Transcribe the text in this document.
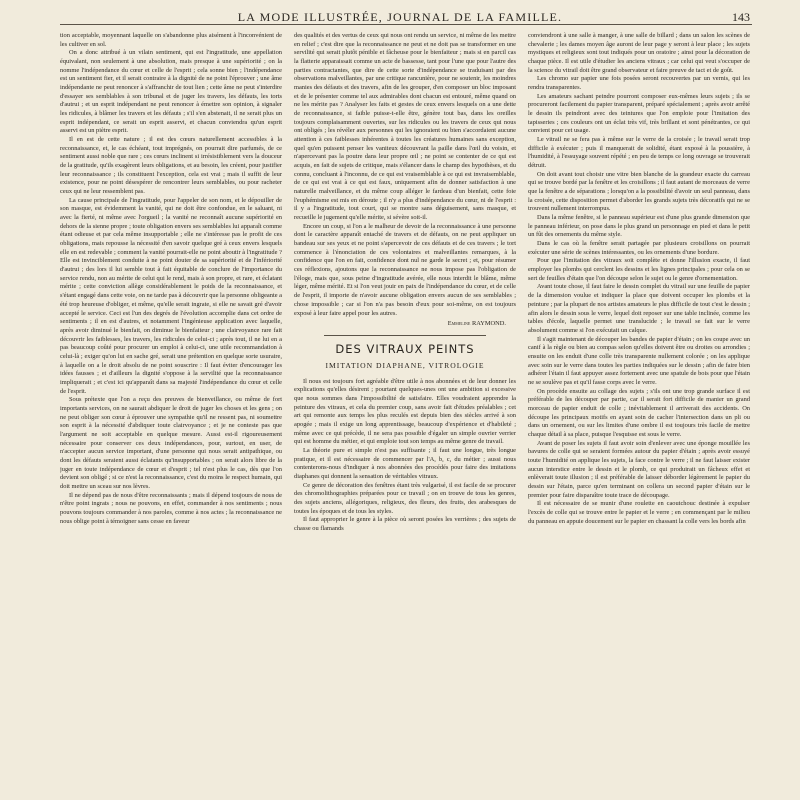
LA MODE ILLUSTRÉE, JOURNAL DE LA FAMILLE.	143

tion acceptable, moyennant laquelle on s'abandonne plus aisément à l'inconvénient de les cultiver en sol.

On a donc attribué à un vilain sentiment, qui est l'ingratitude, une appellation équivalant, non seulement à une absolution, mais presque à une supériorité ; on la nomme l'indépendance du cœur et celle de l'esprit ; cela sonne bien ; l'indépendance est un sentiment fier, et il serait contraire à la dignité de ne point l'éprouver ; une âme indépendante ne peut renoncer à s'affranchir de tout lien ; cette âme ne peut s'interdire d'essayer ses semblables à son tribunal et de juger les travers, les défauts, les torts d'autrui ; et un esprit indépendant ne peut renoncer à émettre son opinion, à signaler les ridicules, à blâmer les travers et les défauts ; s'il s'en abstenait, il ne serait plus un esprit indépendant, ce serait un esprit asservi, et chacun conviendra qu'un esprit asservi est un piètre esprit.

Il en est de cette nature ; il est des cœurs naturellement accessibles à la reconnaissance, et, le cas échéant, tout imprégnés, on pourrait dire parfumés, de ce sentiment aussi noble que rare ; ces cœurs inclinent si irrésistiblement vers la douceur de la gratitude, qu'ils exagèrent leurs obligations, et au besoin, les créent, pour justifier leur reconnaissance ; ils constituent l'exception, cela est vrai ; mais il suffit de leur existence, pour ne point désespérer de rencontrer leurs semblables, ou pour racheter ceux qui ne leur ressemblent pas.

La cause principale de l'ingratitude, pour l'appeler de son nom, et le dépouiller de son masque, est évidemment la vanité, qui ne doit être confondue, en le saluant, ni avec la fierté, ni même avec l'orgueil ; la vanité ne reconnaît aucune supériorité en dehors de la sienne propre ; toute obligation envers ses semblables lui apparaît comme étant odieuse et par cela même insupportable ; elle ne s'intéresse pas le profit de ces obligations, mais repousse la nécessité d'en savoir quelque gré à ceux envers lesquels elle en est redevable ; comment la vanité pourrait-elle ne point aboutir à l'ingratitude ? Elle est invinciblement conduite à ne point douter de sa supériorité et de l'infériorité d'autrui ; des lors il lui semble tout à fait équitable de conclure de l'importance du service rendu, non au mérite de celui qui le rend, mais à son propre, et rare, et éclatant mérite ; cette conviction allège considérablement le poids de la reconnaissance, et s'étant engagé dans cette voie, on ne tarde pas à découvrir que la personne obligeante a été trop heureuse d'obliger, et même, qu'elle serait ingrate, si elle ne savait gré d'avoir accepté le service. Ceci est l'un des degrés de l'évolution accomplie dans cet ordre de sentiments ; il en est d'autres, et notamment l'ingénieuse application avec laquelle, après avoir diminué le bienfait, on diminue le bienfaiteur ; une clairvoyance rare fait découvrir les faiblesses, les travers, les ridicules de celui-ci ; après tout, il ne lui en a pas beaucoup coûté pour procurer un emploi à celui-ci, une utile recommandation à celui-là ; exiger qu'on lui en sache gré, serait une prétention en quelque sorte usuraire, à laquelle on a le droit absolu de ne point souscrire : Il faut éviter d'encourager les idées fausses ; et d'ailleurs la dignité s'oppose à la servilité que la reconnaissance impliquerait ; et c'est ici qu'apparaît dans sa majesté l'indépendance du cœur et celle de l'esprit.

Sous prétexte que l'on a reçu des preuves de bienveillance, ou même de fort importants services, on ne saurait abdiquer le droit de juger les choses et les gens ; on ne peut obliger son cœur à éprouver une sympathie qu'il ne ressent pas, ni soumettre son esprit à la nécessité d'abdiquer toute clairvoyance ; et je ne conteste pas que l'argument ne soit acceptable en quelque mesure. Aussi est-il rigoureusement nécessaire pour conserver ces deux indépendances, pour, surtout, en user, de n'accepter aucun service important, d'une personne qui nous serait antipathique, ou dont les défauts seraient aussi éclatants qu'insupportables ; on serait alors libre de la juger en toute indépendance de cœur et d'esprit ; tel n'est plus le cas, dès que l'on devient son obligé ; si ce n'est la reconnaissance, c'est du moins le respect humain, qui doit mettre un sceau sur nos lèvres.

Il ne dépend pas de nous d'être reconnaissants ; mais il dépend toujours de nous de n'être point ingrats ; nous ne pouvons, en effet, commander à nos sentiments ; nous pouvons toujours commander à nos paroles, comme à nos actes ; la reconnaissance ne nous oblige point à témoigner sans cesse en faveur

des qualités et des vertus de ceux qui nous ont rendu un service, ni même de les mettre en relief ; c'est dire que la reconnaissance ne peut et ne doit pas se transformer en une servilité qui serait plutôt pénible et fâcheuse pour le bienfaiteur ; mais si en parcil cas la flatterie apparaissait comme un acte de bassesse, tant pour l'une que pour l'autre des parties contractantes, que dire de cette sorte d'indépendance se traduisant par des observations malveillantes, par une critique rancunière, pour ne soutenir, les moindres manies des défauts et des travers, afin de les grouper, d'en composer un bloc imposant et de le présenter comme tel aux admirables dont chacun est entouré, même quand on ne les mérite pas ? Analyser les faits et gestes de ceux envers lesquels on a une dette de reconnaissance, si faible puisse-t-elle être, génère tout bas, dans les oreilles toujours complaisamment ouvertes, sur les ridicules ou les travers de ceux qui nous ont obligés ; les révéler aux personnes qui les ignoraient ou bien s'accordaient aucune attention à ces faiblesses inhérentes à toutes les créatures humaines sans exception, quel qu'en puissent penser les vaniteux découvrant la paille dans l'œil du voisin, et n'apercevant pas la poutre dans leur propre œil ; ne point se contenter de ce qui est acquis, en fait de sujets de critique, mais s'élancer dans le champ des hypothèses, et du connu, concluant à l'inconnu, de ce qui est vraisemblable à ce qui est invraisemblable, de ce qui est vrai à ce qui est faux, uniquement afin de donner satisfaction à une naturelle malveillance, et du même coup alléger le fardeau d'un bienfait, cette foie l'euphémisme est mis en déroute ; il n'y a plus d'indépendance du cœur, ni de l'esprit : il y a l'ingratitude, tout court, qui se montre sans déguisement, sans masque, et recueille le jugement qu'elle mérite, si sévère soit-il.

Encore un coup, si l'on a le malheur de devoir de la reconnaissance à une personne dont le caractère apparaît entaché de travers et de défauts, on ne peut appliquer un bandeau sur ses yeux et ne point s'apercevoir de ces défauts et de ces travers ; le tort commence à l'énonciation de ces volontaires et malveillantes remarques, à la confidence que l'on en fait, confidence dont nul ne garde le secret ; et, pour résumer ces réflexions, ajoutons que la reconnaissance ne nous impose pas l'obligation de l'éloge, mais que, sous peine d'ingratitude avérée, elle nous interdit le blâme, même léger, même mérité. Et si l'on veut jouir en paix de l'indépendance du cœur, et de celle de l'esprit, il importe de n'avoir aucune obligation envers aucun de ses semblables ; chose impossible ; car si l'on n'a pas besoin d'eux pour soi-même, on est toujours exposé à leur faire appel pour les autres.

Emmeline RAYMOND.
DES VITRAUX PEINTS
IMITATION DIAPHANE, VITROLOGIE

Il nous est toujours fort agréable d'être utile à nos abonnées et de leur donner les explications qu'elles désirent ; pourtant quelques-unes ont une ambition si excessive que nous sommes dans l'impossibilité de satisfaire. Elles voudraient apprendre la peinture des vitraux, et cela du premier coup, sans avoir fait d'études préalables ; cet art qui remonte aux temps les plus reculés est depuis bien des siècles arrivé à son apogée ; mais il exige un long apprentissage, beaucoup d'expérience et d'habileté ; même avec ce qui précède, il ne sera pas possible d'égaler un simple ouvrier verrier qui est homme du métier, et qui emploie tout son temps au même genre de travail.

La théorie pure et simple n'est pas suffisante ; il faut une longue, très longue pratique, et il est nécessaire de commencer par l'A, b, c, du métier ; aussi nous contenterons-nous d'indiquer à nos abonnées des procédés pour faire des imitations diaphanes qui donnent la sensation de véritables vitraux.

Ce genre de décoration des fenêtres étant très vulgarisé, il est facile de se procurer des chromolithographies préparées pour ce travail ; on en trouve de tous les genres, des sujets anciens, allégoriques, religieux, des fleurs, des fruits, des arabesques de toutes les époques et de tous les styles.

Il faut approprier le genre à la pièce où seront posées les verrières ; des sujets de chasse ou flamands

conviendront à une salle à manger, à une salle de billard ; dans un salon les scènes de chevalerie ; les dames moyen âge auront de leur page y seront à leur place ; les sujets mystiques et religieux sont tout indiqués pour un oratoire ; ainsi pour la décoration de chaque pièce. Il est utile d'étudier les anciens vitraux ; car celui qui veut s'occuper de la science du vitrail doit être grand observateur et faire preuve de tact et de goût.

Les chromo sur papier une fois posées seront recouvertes par un vernis, qui les rendra transparentes.

Les amateurs sachant peindre pourront composer eux-mêmes leurs sujets ; ils se procureront facilement du papier transparent, préparé spécialement ; après avoir arrêté le dessin ils peindront avec des teintures que l'on emploie pour l'imitation des tapisseries ; ces couleurs ont un éclat très vif, très brillant et sont pénétrantes, ce qui convient pour cet usage.

Le vitrail ne se fera pas à même sur le verre de la croisée ; le travail serait trop difficile à exécuter ; puis il manquerait de solidité, étant exposé à la poussière, à l'humidité, à l'essuyage souvent répété ; en peu de temps ce long ouvrage se trouverait détruit.

On doit avant tout choisir une vitre bien blanche de la grandeur exacte du carreau qui se trouve bordé par la fenêtre et les croisillons ; il faut autant de morceaux de verre que la fenêtre a de séparations ; lorsqu'on a la possibilité d'avoir un seul panneau, dans la croisée, cette disposition permet d'aborder les grands sujets très décoratifs qui ne se trouvent nullement interrompus.

Dans la même fenêtre, si le panneau supérieur est d'une plus grande dimension que le panneau inférieur, on pose dans le plus grand un personnage en pied et dans le petit un fût des ornements du même style.

Dans le cas où la fenêtre serait partagée par plusieurs croisillons on pourrait exécuter une série de scènes intéressantes, ou les ornements d'une bordure.

Pour que l'imitation des vitraux soit complète et donne l'illusion exacte, il faut employer les plombs qui cerclent les dessins et les lignes principales ; pour cela on se sert de feuilles d'étain que l'on découpe selon le sujet ou le genre d'ornementation.

Avant toute chose, il faut faire le dessin complet du vitrail sur une feuille de papier de la dimension voulue et indiquer la place que doivent occuper les plombs et la peinture ; par la plupart de nos artistes amateurs le plus difficile de tout c'est le dessin ; afin alors le dessin sous le verre, lequel doit reposer sur une table inclinée, comme les tables d'école, laquelle permet une translucide ; le travail se fait sur le verre absolument comme si l'on exécutait un calque.

Il s'agit maintenant de découper les bandes de papier d'étain ; on les coupe avec un canif à la règle ou bien au compas selon qu'elles doivent être ou droites ou arrondies ; ensuite on les enduit d'une colle très transparente nullement colorée ; on les applique avec soin sur le verre dans toutes les parties indiquées sur le dessin ; afin de faire bien adhérer l'étain il faut appuyer assez fortement avec une spatule de bois pour que l'étain ne se soulève pas et qu'il fasse corps avec le verre.

On procède ensuite au collage des sujets ; s'ils ont une trop grande surface il est préférable de les découper par partie, car il serait fort difficile de manier un grand morceau de papier enduit de colle ; inévitablement il arriverait des accidents. On découpe les principaux motifs en ayant soin de cacher l'intersection dans un pli ou dans un ornement, ou sur les limites d'une ombre il est toujours très facile de mettre chaque détail à sa place, puisque l'esquisse est sous le verre.

Avant de poser les sujets il faut avoir soin d'enlever avec une éponge mouillée les bavures de colle qui se seraient formées autour du papier d'étain ; après avoir essuyé toute l'humidité on applique les sujets, la face contre le verre ; il ne faut laisser exister aucun interstice entre le dessin et le plomb, ce qui produirait un fâcheux effet et enlèverait toute illusion ; il est préférable de laisser déborder légèrement le papier du dessin sur l'étain, parce qu'en terminant on collera un second papier d'étain sur le premier pour faire disparaître toute trace de découpage.

Il est nécessaire de se munir d'une roulette en caoutchouc destinée à expulser l'excès de colle qui se trouve entre le papier et le verre ; en commençant par le milieu du panneau en appuie doucement sur le papier en chassant la colle vers les bords afin
